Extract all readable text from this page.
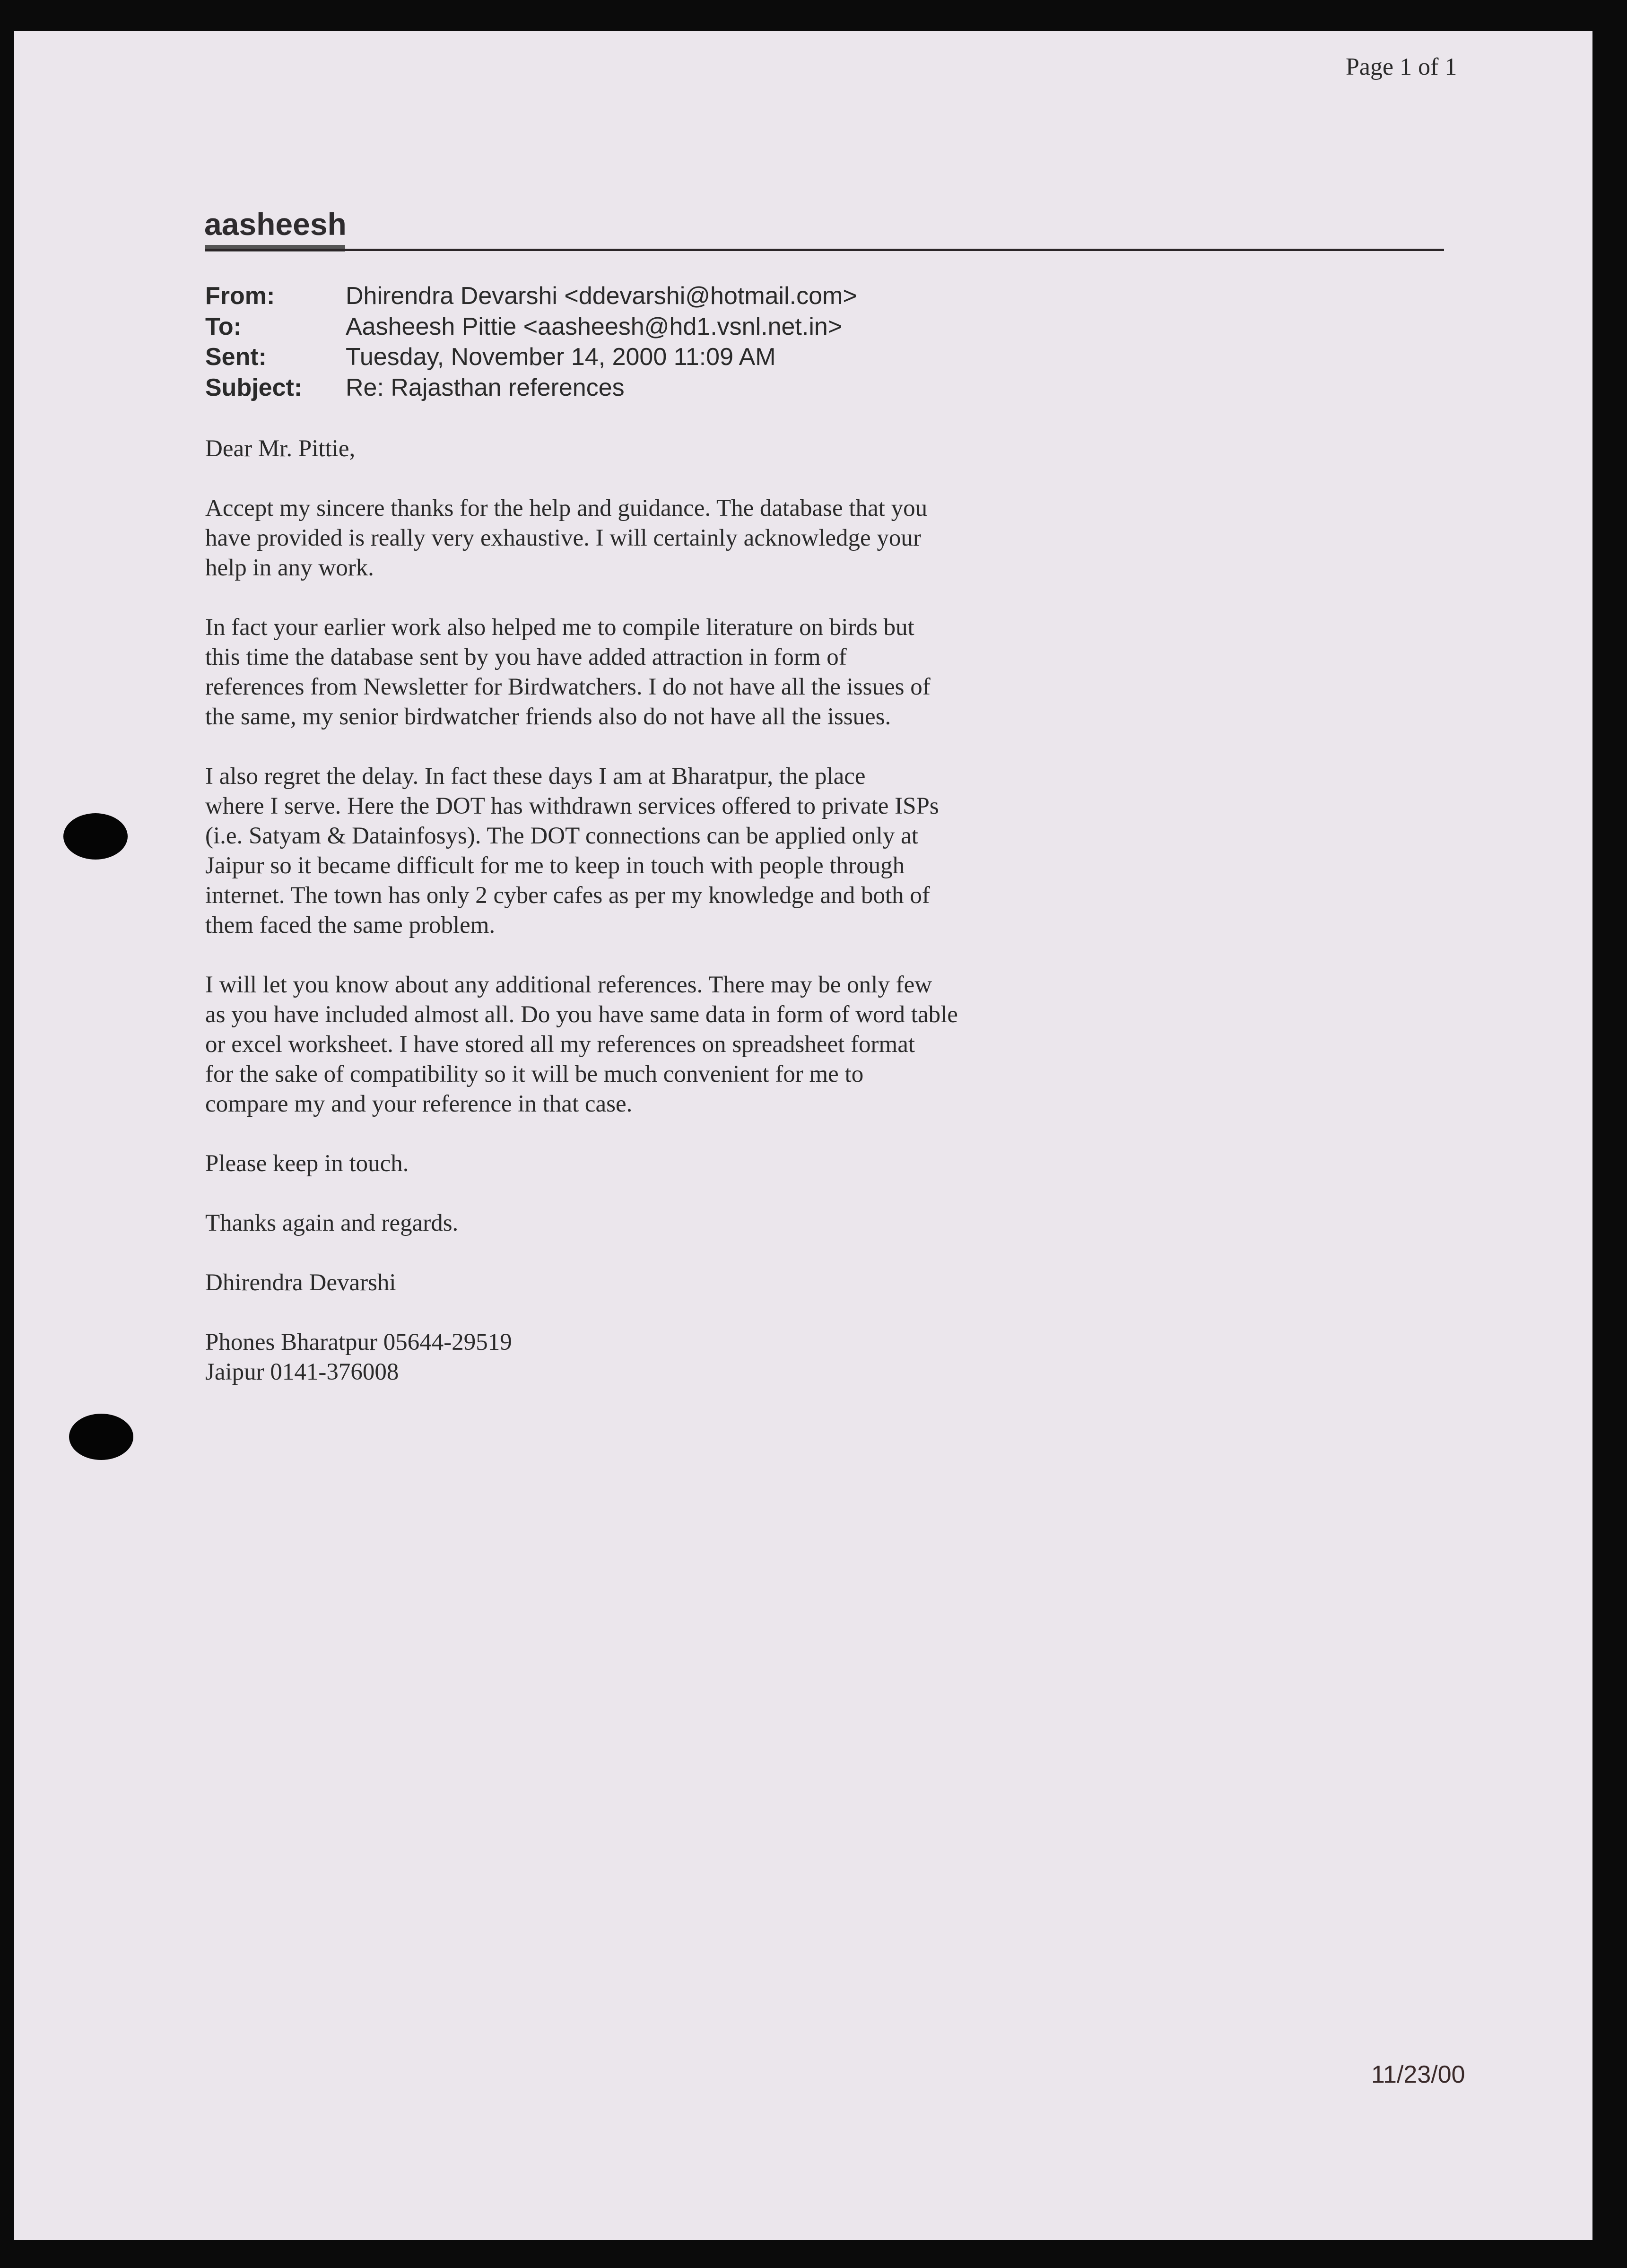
Page 1 of 1
aasheesh
From:	Dhirendra Devarshi <ddevarshi@hotmail.com>
To:	Aasheesh Pittie <aasheesh@hd1.vsnl.net.in>
Sent:	Tuesday, November 14, 2000 11:09 AM
Subject:	Re: Rajasthan references

Dear Mr. Pittie,

Accept my sincere thanks for the help and guidance. The database that you
have provided is really very exhaustive. I will certainly acknowledge your
help in any work.

In fact your earlier work also helped me to compile literature on birds but
this time the database sent by you have added attraction in form of
references from Newsletter for Birdwatchers. I do not have all the issues of
the same, my senior birdwatcher friends also do not have all the issues.

I also regret the delay. In fact these days I am at Bharatpur, the place
where I serve. Here the DOT has withdrawn services offered to private ISPs
(i.e. Satyam & Datainfosys). The DOT connections can be applied only at
Jaipur so it became difficult for me to keep in touch with people through
internet. The town has only 2 cyber cafes as per my knowledge and both of
them faced the same problem.

I will let you know about any additional references. There may be only few
as you have included almost all. Do you have same data in form of word table
or excel worksheet. I have stored all my references on spreadsheet format
for the sake of compatibility so it will be much convenient for me to
compare my and your reference in that case.

Please keep in touch.

Thanks again and regards.

Dhirendra Devarshi

Phones Bharatpur 05644-29519
Jaipur 0141-376008

11/23/00
